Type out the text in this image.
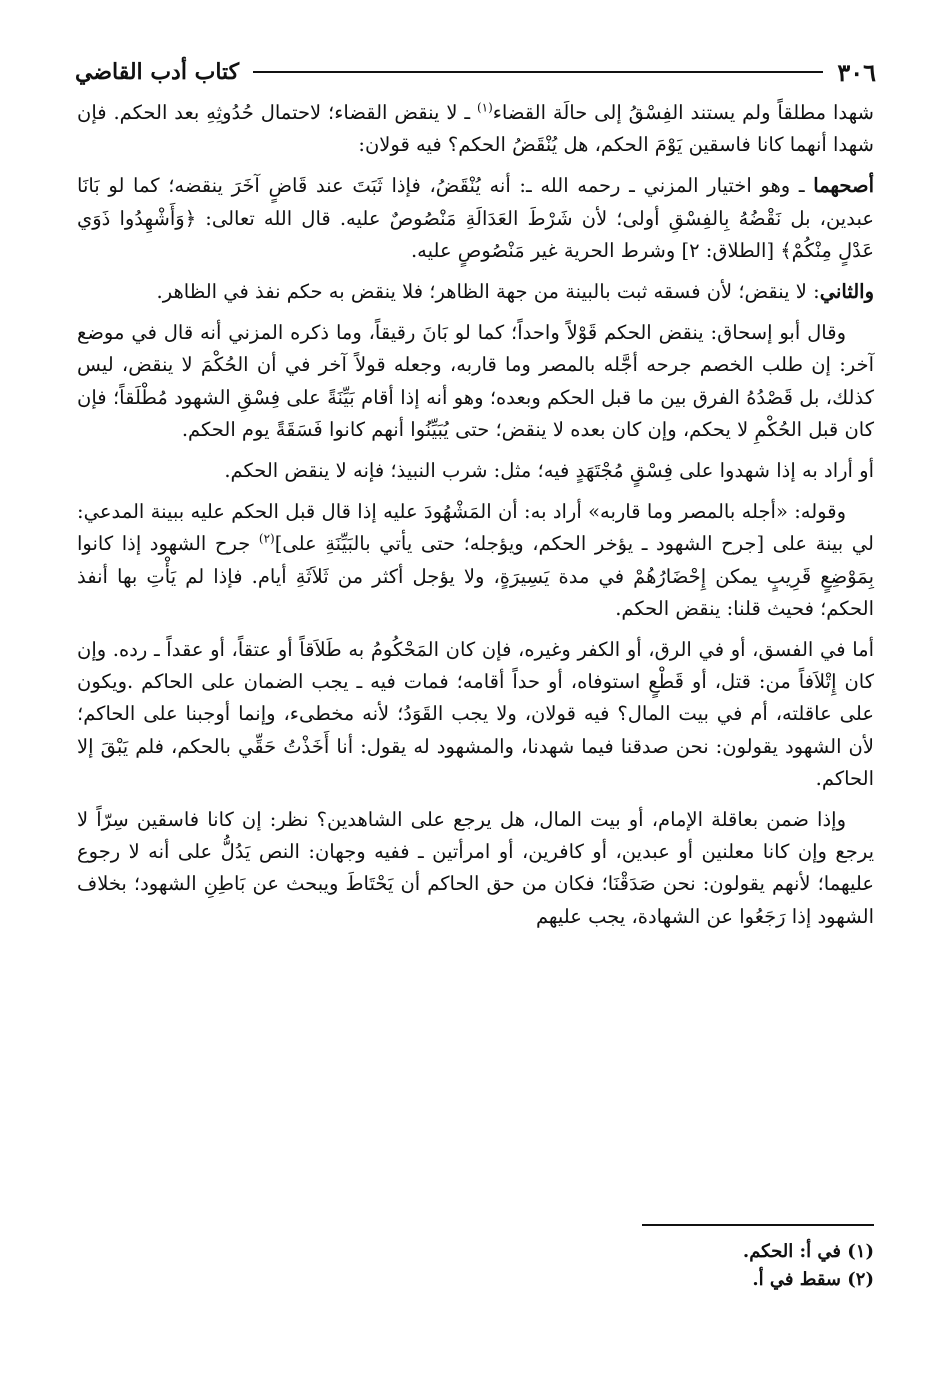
٣٠٦
كتاب أدب القاضي

شهدا مطلقاً ولم يستند الفِسْقُ إلى حالَة القضاء$^{(١)}$ ـ لا ينقض القضاء؛ لاحتمال حُدُوثِهِ بعد الحكم. فإن شهدا أنهما كانا فاسقين يَوْمَ الحكم، هل يُنْقَضُ الحكم؟ فيه قولان:

أصحهما ـ وهو اختيار المزني ـ رحمه الله ـ: أنه يُنْقَضُ، فإذا ثَبَتَ عند قَاضٍ آخَرَ ينقضه؛ كما لو بَانَا عبدين، بل نَقْضُهُ بِالفِسْقِ أولى؛ لأن شَرْطَ العَدَالَةِ مَنْصُوصٌ عليه. قال الله تعالى: ﴿وَأَشْهِدُوا ذَوَي عَدْلٍ مِنْكُمْ﴾ [الطلاق: ٢] وشرط الحرية غير مَنْصُوصٍ عليه.

والثاني: لا ينقض؛ لأن فسقه ثبت بالبينة من جهة الظاهر؛ فلا ينقض به حكم نفذ في الظاهر.

وقال أبو إسحاق: ينقض الحكم قَوْلاً واحداً؛ كما لو بَانَ رقيقاً، وما ذكره المزني أنه قال في موضع آخر: إن طلب الخصم جرحه أجَّله بالمصر وما قاربه، وجعله قولاً آخر في أن الحُكْمَ لا ينقض، ليس كذلك، بل قَصْدُهُ الفرق بين ما قبل الحكم وبعده؛ وهو أنه إذا أقام بَيِّنَةً على فِسْقِ الشهود مُطْلَقاً؛ فإن كان قبل الحُكْمِ لا يحكم، وإن كان بعده لا ينقض؛ حتى يُبَيِّنُوا أنهم كانوا فَسَقَةً يوم الحكم.

أو أراد به إذا شهدوا على فِسْقٍ مُجْتَهَدٍ فيه؛ مثل: شرب النبيذ؛ فإنه لا ينقض الحكم.

وقوله: «أجله بالمصر وما قاربه» أراد به: أن المَشْهُودَ عليه إذا قال قبل الحكم عليه ببينة المدعي: لي بينة على [جرح الشهود ـ يؤخر الحكم، ويؤجله؛ حتى يأتي بالبَيِّنَةِ على]$^{(٢)}$ جرح الشهود إذا كانوا بِمَوْضِعٍ قَرِيبٍ يمكن إِحْضَارُهُمْ في مدة يَسِيرَةٍ، ولا يؤجل أكثر من ثَلاَثَةِ أيام. فإذا لم يَأْتِ بها أنفذ الحكم؛ فحيث قلنا: ينقض الحكم.

أما في الفسق، أو في الرق، أو الكفر وغيره، فإن كان المَحْكُومُ به طَلاَقاً أو عتقاً، أو عقداً ـ رده. وإن كان إِتْلاَفاً من: قتل، أو قَطْعٍ استوفاه، أو حداً أقامه؛ فمات فيه ـ يجب الضمان على الحاكم .ويكون على عاقلته، أم في بيت المال؟ فيه قولان، ولا يجب القَوَدُ؛ لأنه مخطىء، وإنما أوجبنا على الحاكم؛ لأن الشهود يقولون: نحن صدقنا فيما شهدنا، والمشهود له يقول: أنا أَخَذْتُ حَقِّي بالحكم، فلم يَبْقَ إلا الحاكم.

وإذا ضمن بعاقلة الإمام، أو بيت المال، هل يرجع على الشاهدين؟ نظر: إن كانا فاسقين سِرّاً لا يرجع وإن كانا معلنين أو عبدين، أو كافرين، أو امرأتين ـ ففيه وجهان: النص يَدُلُّ على أنه لا رجوع عليهما؛ لأنهم يقولون: نحن صَدَقْنَا؛ فكان من حق الحاكم أن يَحْتَاطَ ويبحث عن بَاطِنِ الشهود؛ بخلاف الشهود إذا رَجَعُوا عن الشهادة، يجب عليهم

(١) في أ: الحكم.
(٢) سقط في أ.
